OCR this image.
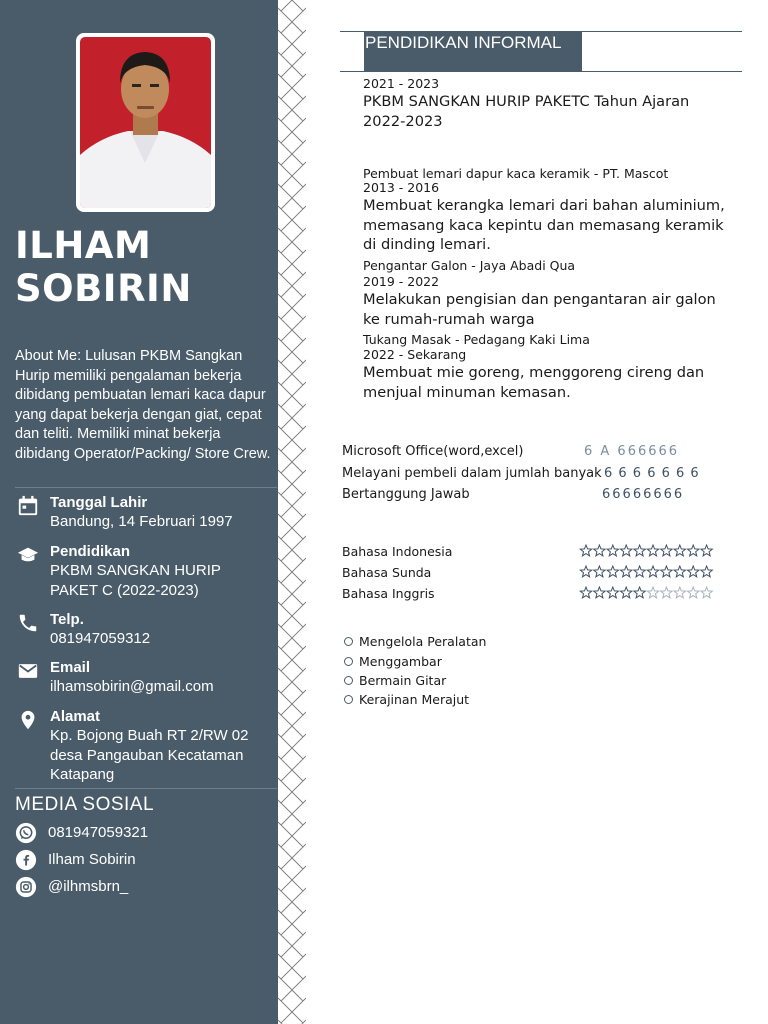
ILHAM
SOBIRIN
About Me: Lulusan PKBM Sangkan Hurip memiliki pengalaman bekerja dibidang pembuatan lemari kaca dapur yang dapat bekerja dengan giat, cepat dan teliti. Memiliki minat bekerja dibidang Operator/Packing/ Store Crew.
Tanggal Lahir
Bandung, 14 Februari 1997
Pendidikan
PKBM SANGKAN HURIP PAKET C (2022-2023)
Telp.
081947059312
Email
ilhamsobirin@gmail.com
Alamat
Kp. Bojong Buah RT 2/RW 02 desa Pangauban Kecataman Katapang
MEDIA SOSIAL
081947059321
Ilham Sobirin
@ilhmsbrn_
PENDIDIKAN INFORMAL
2021 - 2023
PKBM SANGKAN HURIP PAKETC Tahun Ajaran 2022-2023
Pembuat lemari dapur kaca keramik - PT. Mascot
2013 - 2016
Membuat kerangka lemari dari bahan aluminium, memasang kaca kepintu dan memasang keramik di dinding lemari.
Pengantar Galon - Jaya Abadi Qua
2019 - 2022
Melakukan pengisian dan pengantaran air galon ke rumah-rumah warga
Tukang Masak - Pedagang Kaki Lima
2022 - Sekarang
Membuat mie goreng, menggoreng cireng dan menjual minuman kemasan.
Microsoft Office(word,excel)	6 A 666666
Melayani pembeli dalam jumlah banyak 6 6 6 6 6 6 6
Bertanggung Jawab	66666666
Bahasa Indonesia
Bahasa Sunda
Bahasa Inggris
Mengelola Peralatan
Menggambar
Bermain Gitar
Kerajinan Merajut
